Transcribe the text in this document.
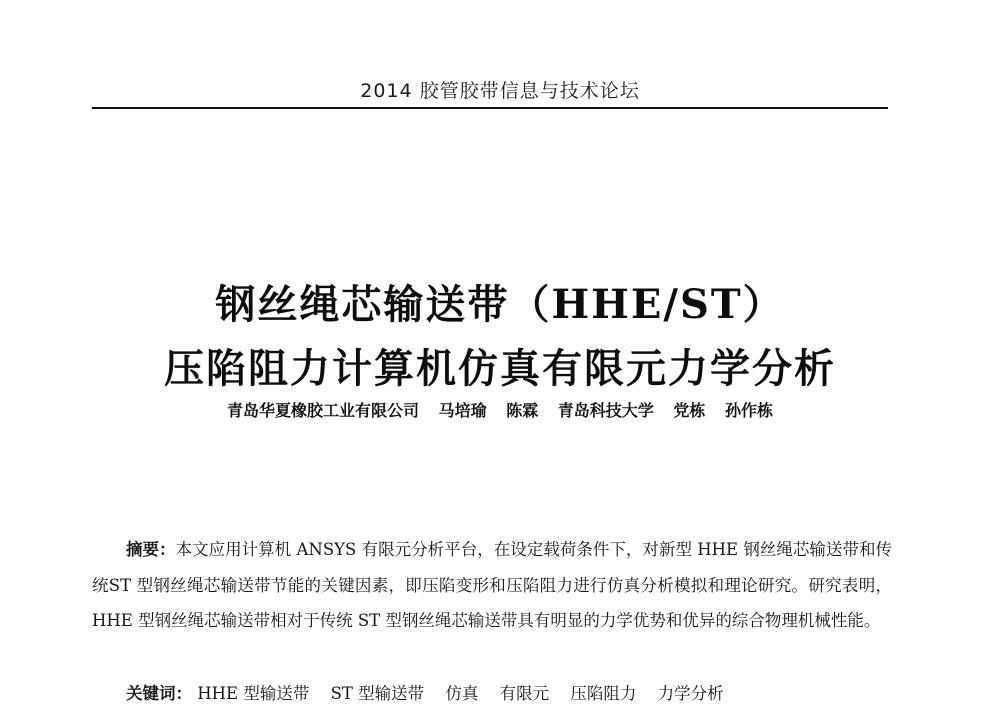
2014 胶管胶带信息与技术论坛
钢丝绳芯输送带（HHE/ST）
压陷阻力计算机仿真有限元力学分析
青岛华夏橡胶工业有限公司 马培瑜 陈霖 青岛科技大学 党栋 孙作栋

摘要：本文应用计算机 ANSYS 有限元分析平台，在设定载荷条件下，对新型 HHE 钢丝绳芯输送带和传统ST 型钢丝绳芯输送带节能的关键因素，即压陷变形和压陷阻力进行仿真分析模拟和理论研究。研究表明，HHE 型钢丝绳芯输送带相对于传统 ST 型钢丝绳芯输送带具有明显的力学优势和优异的综合物理机械性能。

关键词： HHE 型输送带 ST 型输送带 仿真 有限元 压陷阻力 力学分析
